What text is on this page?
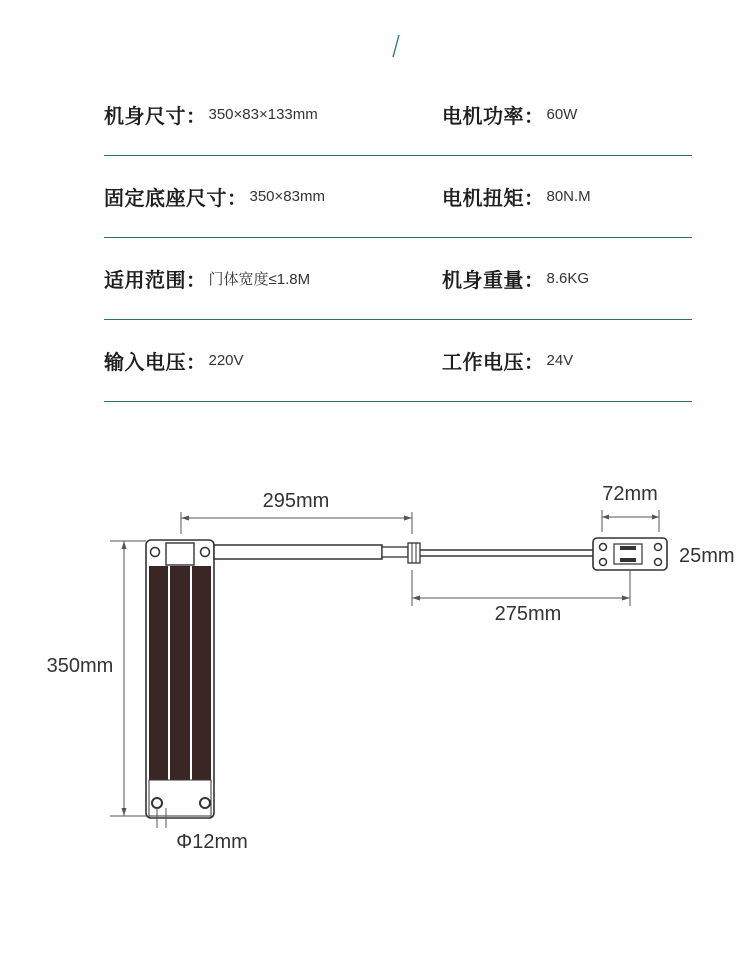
机身尺寸： 350×83×133mm	电机功率： 60W
固定底座尺寸： 350×83mm	电机扭矩： 80N.M
适用范围： 门体宽度≤1.8M	机身重量： 8.6KG
输入电压： 220V	工作电压： 24V
295mm	72mm
25mm
275mm
350mm
Φ12mm
